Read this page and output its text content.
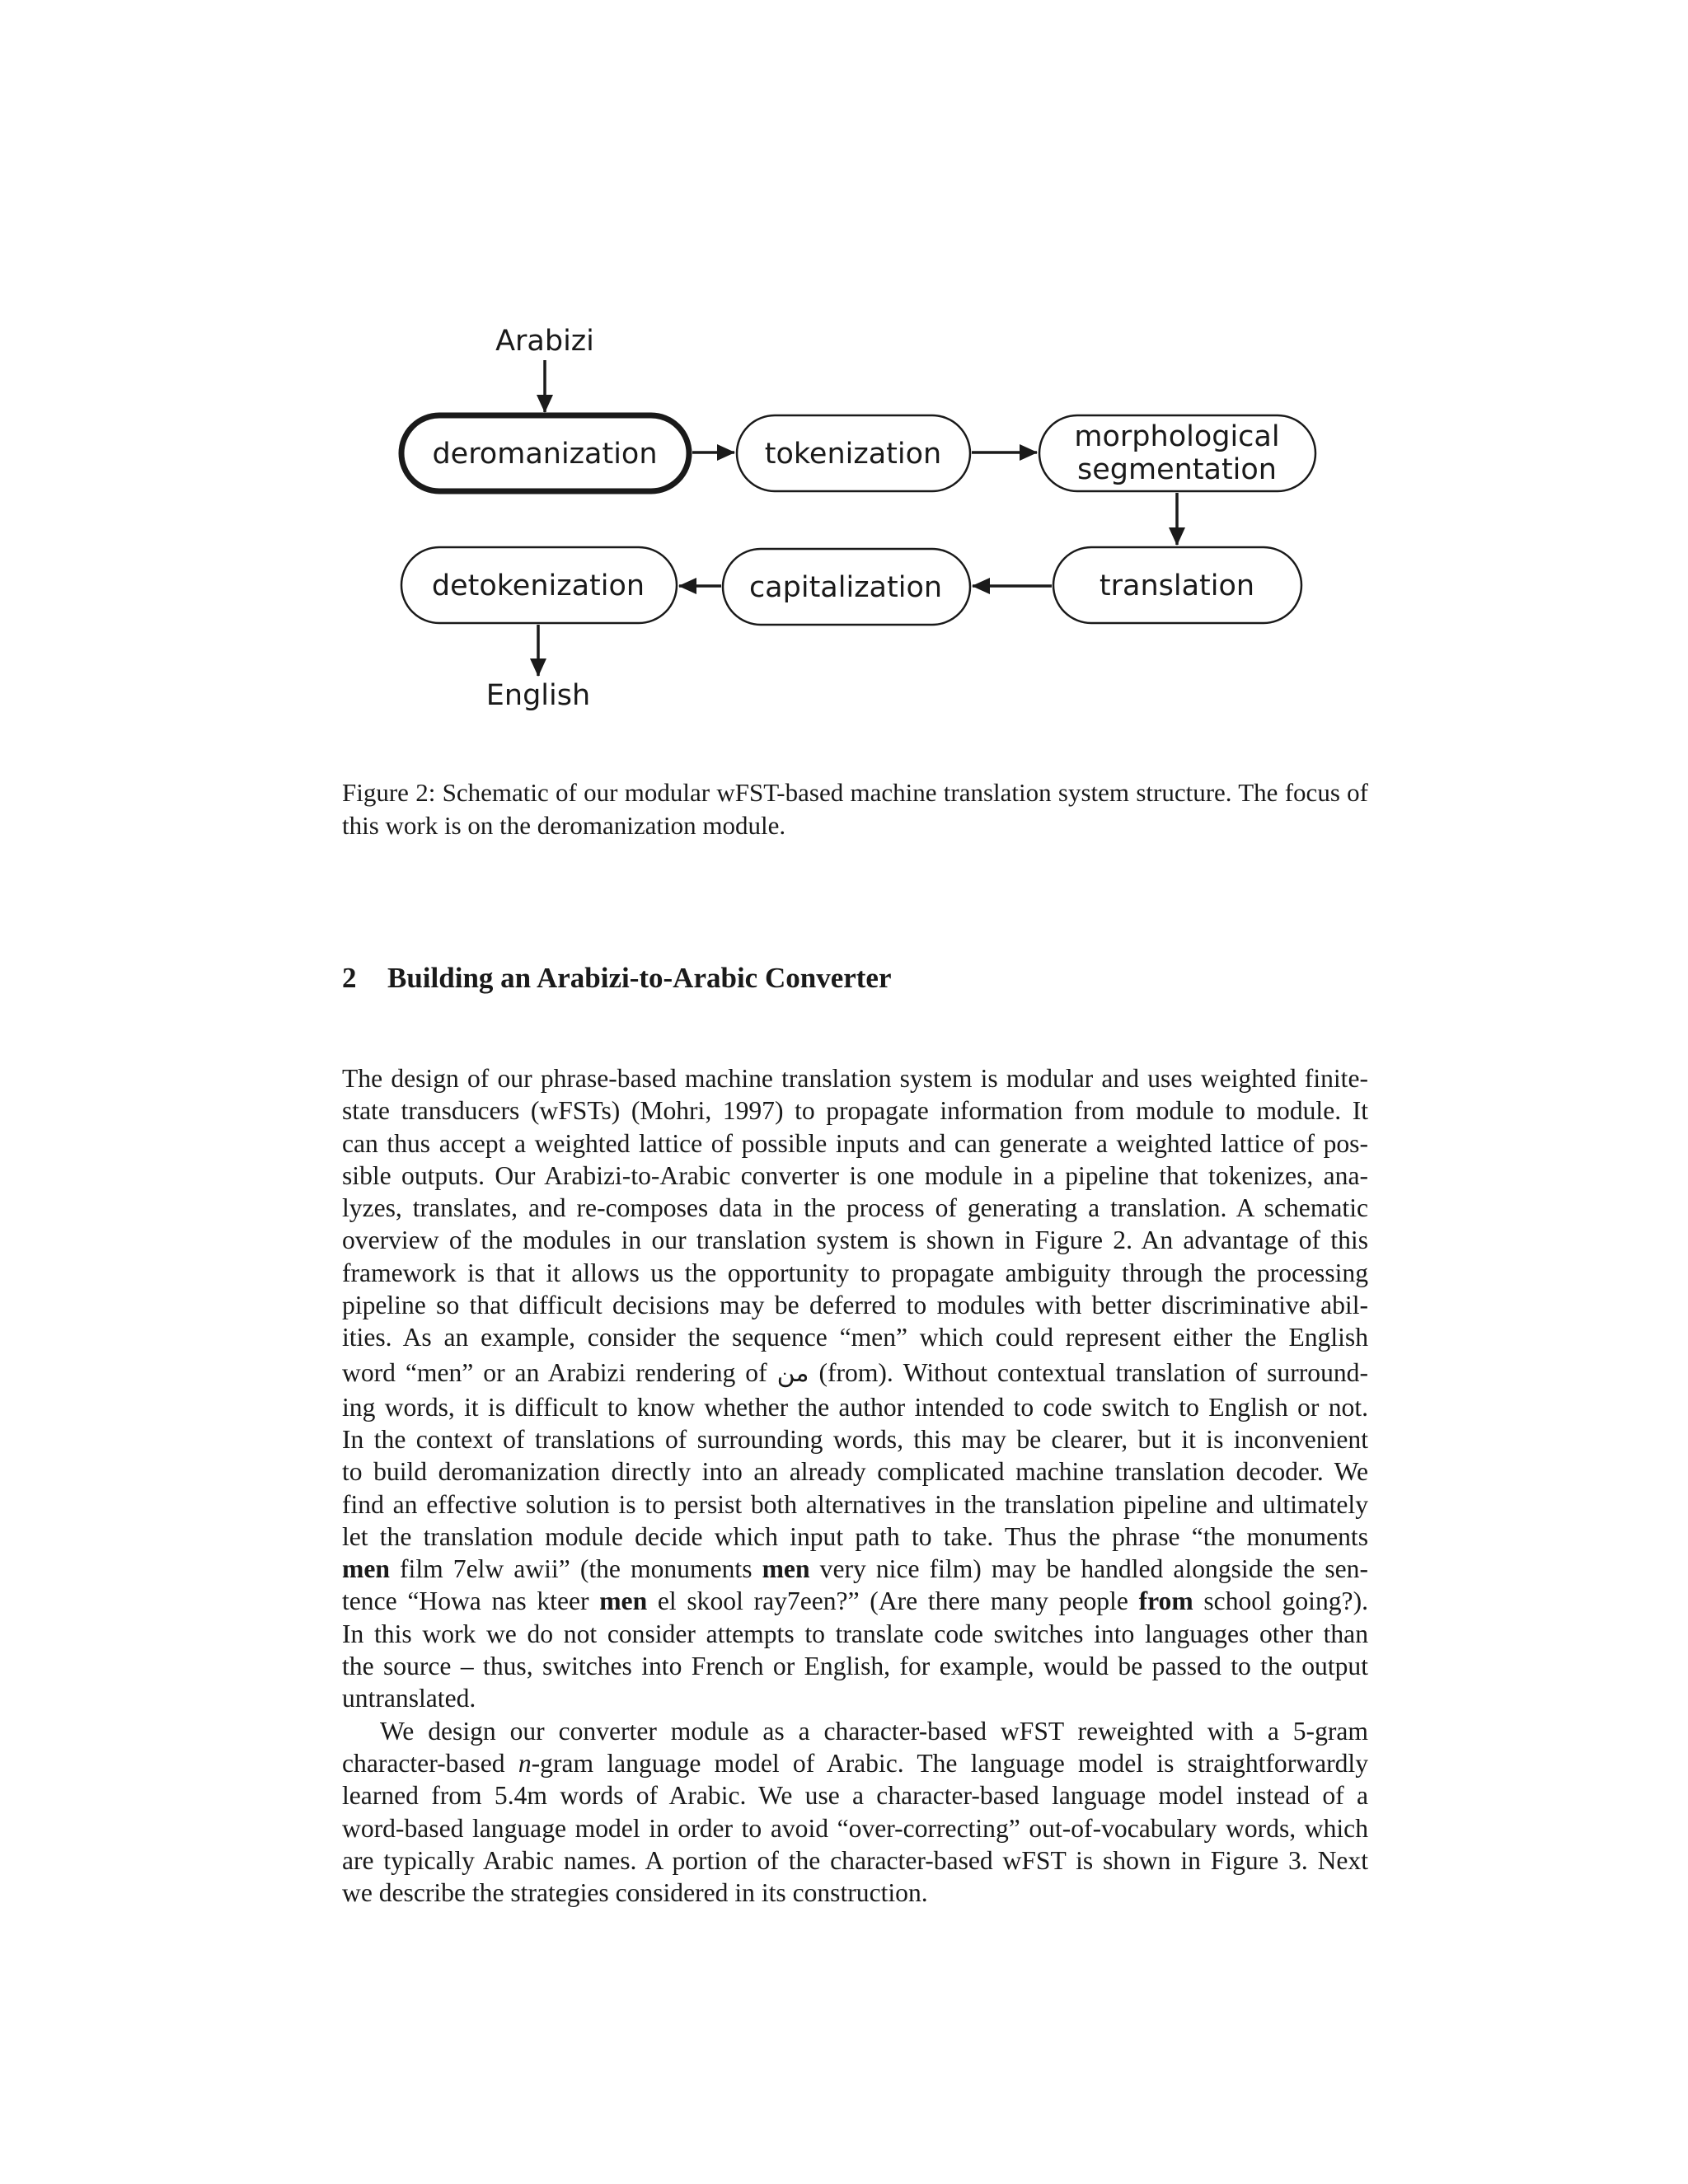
Arabizi
deromanization	tokenization
morphological
segmentation
translation
capitalization
detokenization
English

Figure 2: Schematic of our modular wFST-based machine translation system structure. The focus of this work is on the deromanization module.

2 Building an Arabizi-to-Arabic Converter
The design of our phrase-based machine translation system is modular and uses weighted finite-
state transducers (wFSTs) (Mohri, 1997) to propagate information from module to module. It
can thus accept a weighted lattice of possible inputs and can generate a weighted lattice of pos-
sible outputs. Our Arabizi-to-Arabic converter is one module in a pipeline that tokenizes, ana-
lyzes, translates, and re-composes data in the process of generating a translation. A schematic
overview of the modules in our translation system is shown in Figure 2. An advantage of this
framework is that it allows us the opportunity to propagate ambiguity through the processing
pipeline so that difficult decisions may be deferred to modules with better discriminative abil-
ities. As an example, consider the sequence “men” which could represent either the English
word “men” or an Arabizi rendering of من (from). Without contextual translation of surround-
ing words, it is difficult to know whether the author intended to code switch to English or not.
In the context of translations of surrounding words, this may be clearer, but it is inconvenient
to build deromanization directly into an already complicated machine translation decoder. We
find an effective solution is to persist both alternatives in the translation pipeline and ultimately
let the translation module decide which input path to take. Thus the phrase “the monuments
men film 7elw awii” (the monuments men very nice film) may be handled alongside the sen-
tence “Howa nas kteer men el skool ray7een?” (Are there many people from school going?).
In this work we do not consider attempts to translate code switches into languages other than
the source – thus, switches into French or English, for example, would be passed to the output
untranslated.
We design our converter module as a character-based wFST reweighted with a 5-gram
character-based n-gram language model of Arabic. The language model is straightforwardly
learned from 5.4m words of Arabic. We use a character-based language model instead of a
word-based language model in order to avoid “over-correcting” out-of-vocabulary words, which
are typically Arabic names. A portion of the character-based wFST is shown in Figure 3. Next
we describe the strategies considered in its construction.
